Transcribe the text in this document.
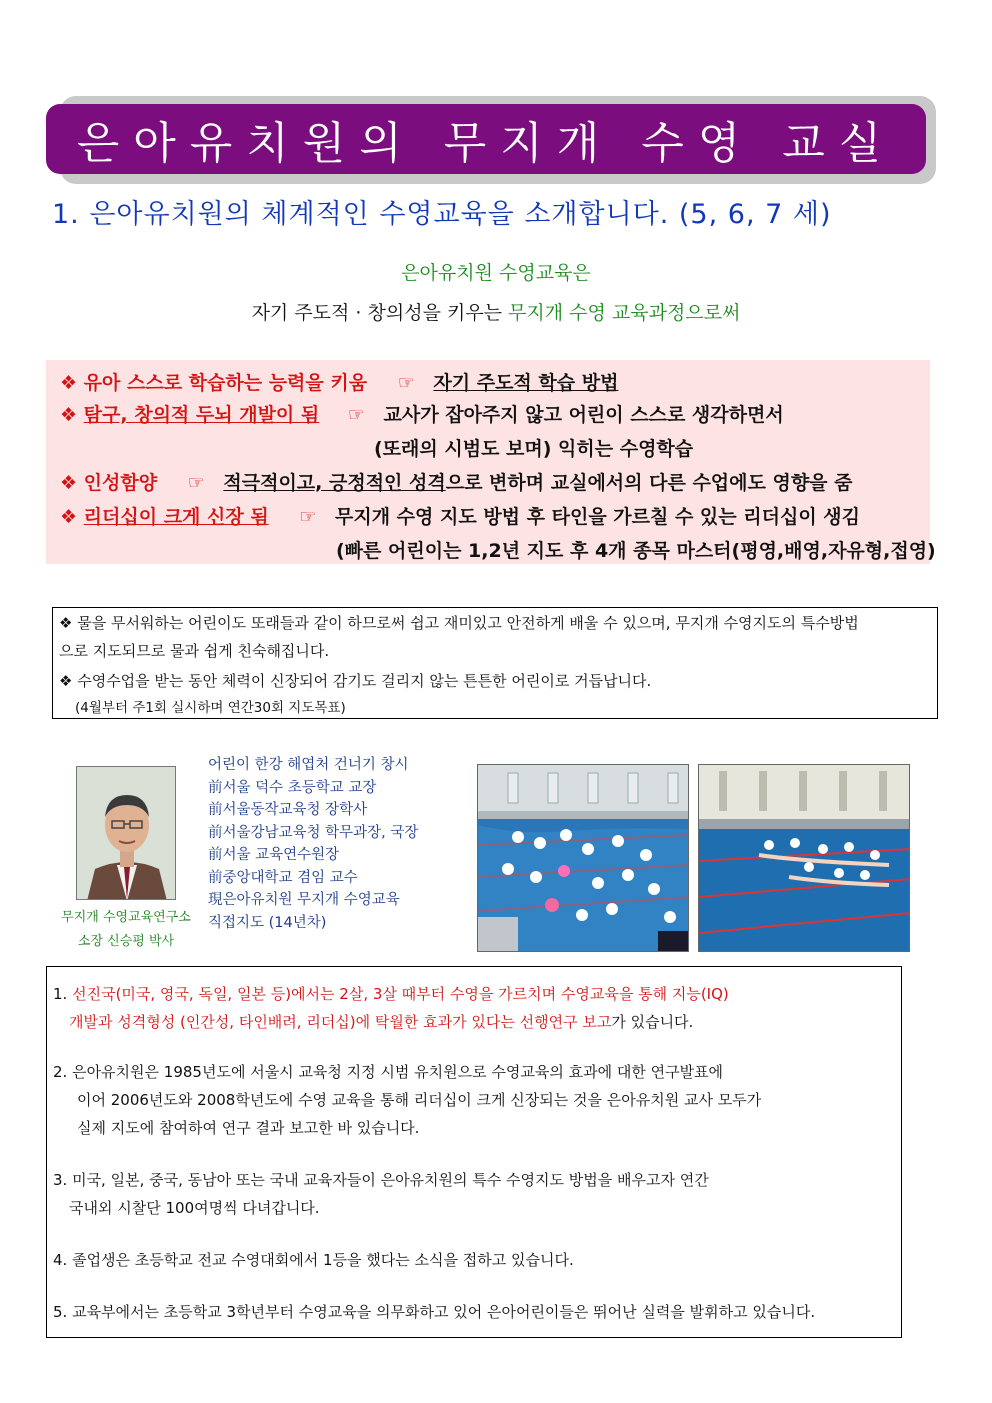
은아유치원의 무지개 수영 교실
1. 은아유치원의 체계적인 수영교육을 소개합니다. (5, 6, 7 세)
은아유치원 수영교육은
자기 주도적 · 창의성을 키우는 무지개 수영 교육과정으로써
❖ 유아 스스로 학습하는 능력을 키움 ☞ 자기 주도적 학습 방법
❖ 탐구, 창의적 두뇌 개발이 됨 ☞ 교사가 잡아주지 않고 어린이 스스로 생각하면서
(또래의 시범도 보며) 익히는 수영학습
❖ 인성함양 ☞ 적극적이고, 긍정적인 성격으로 변하며 교실에서의 다른 수업에도 영향을 줌
❖ 리더십이 크게 신장 됨 ☞ 무지개 수영 지도 방법 후 타인을 가르칠 수 있는 리더십이 생김
(빠른 어린이는 1,2년 지도 후 4개 종목 마스터(평영,배영,자유형,접영)
❖ 물을 무서워하는 어린이도 또래들과 같이 하므로써 쉽고 재미있고 안전하게 배울 수 있으며, 무지개 수영지도의 특수방법
으로 지도되므로 물과 쉽게 친숙해집니다.
❖ 수영수업을 받는 동안 체력이 신장되어 감기도 걸리지 않는 튼튼한 어린이로 거듭납니다.
(4월부터 주1회 실시하며 연간30회 지도목표)
무지개 수영교육연구소
소장 신승평 박사
어린이 한강 해엽처 건너기 창시
前서울 덕수 초등학교 교장
前서울동작교육청 장학사
前서울강남교육청 학무과장, 국장
前서울 교육연수원장
前중앙대학교 겸임 교수
現은아유치원 무지개 수영교육
직접지도 (14년차)
1. 선진국(미국, 영국, 독일, 일본 등)에서는 2살, 3살 때부터 수영을 가르치며 수영교육을 통해 지능(IQ)
개발과 성격형성 (인간성, 타인배려, 리더십)에 탁월한 효과가 있다는 선행연구 보고가 있습니다.
2. 은아유치원은 1985년도에 서울시 교육청 지정 시범 유치원으로 수영교육의 효과에 대한 연구발표에
이어 2006년도와 2008학년도에 수영 교육을 통해 리더십이 크게 신장되는 것을 은아유치원 교사 모두가
실제 지도에 참여하여 연구 결과 보고한 바 있습니다.
3. 미국, 일본, 중국, 동남아 또는 국내 교육자들이 은아유치원의 특수 수영지도 방법을 배우고자 연간
국내외 시찰단 100여명씩 다녀갑니다.
4. 졸업생은 초등학교 전교 수영대회에서 1등을 했다는 소식을 접하고 있습니다.
5. 교육부에서는 초등학교 3학년부터 수영교육을 의무화하고 있어 은아어린이들은 뛰어난 실력을 발휘하고 있습니다.
